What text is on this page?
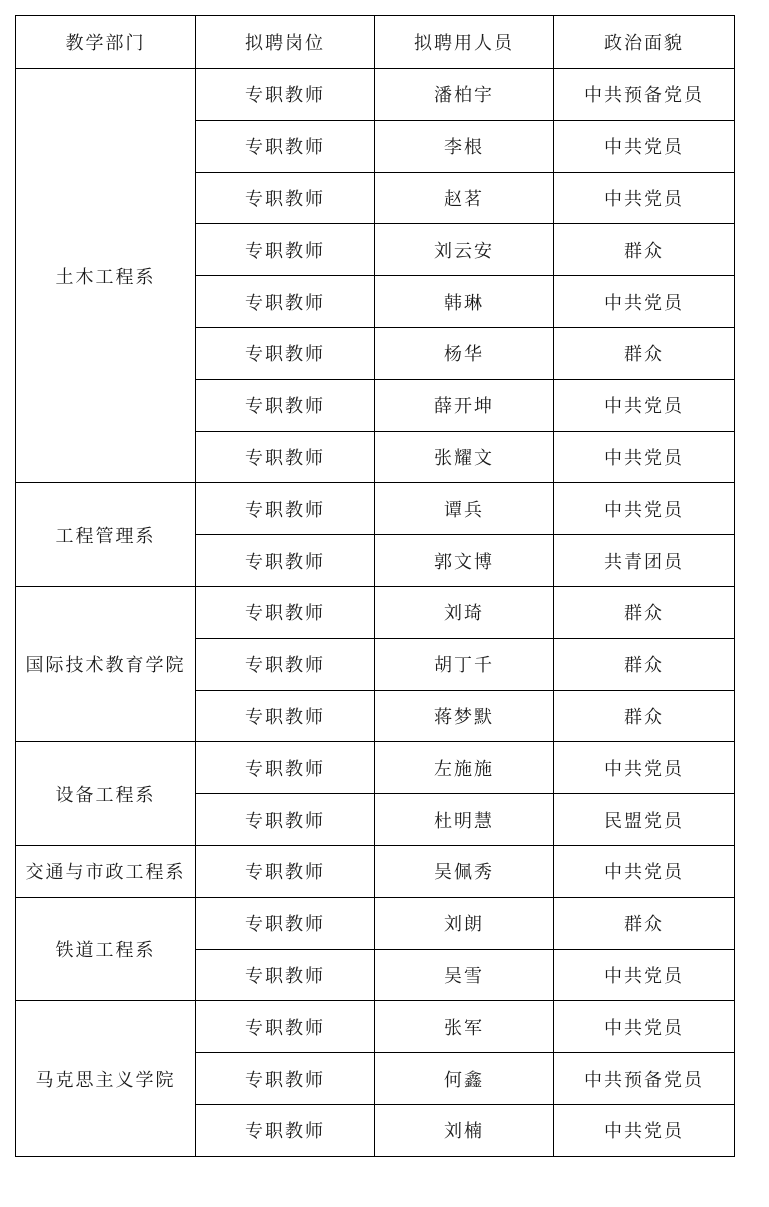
教学部门	拟聘岗位	拟聘用人员	政治面貌
土木工程系	专职教师	潘柏宇	中共预备党员
	专职教师	李根	中共党员
	专职教师	赵茗	中共党员
	专职教师	刘云安	群众
	专职教师	韩琳	中共党员
	专职教师	杨华	群众
	专职教师	薛开坤	中共党员
	专职教师	张耀文	中共党员
工程管理系	专职教师	谭兵	中共党员
	专职教师	郭文博	共青团员
国际技术教育学院	专职教师	刘琦	群众
	专职教师	胡丁千	群众
	专职教师	蒋梦默	群众
设备工程系	专职教师	左施施	中共党员
	专职教师	杜明慧	民盟党员
交通与市政工程系	专职教师	吴佩秀	中共党员
铁道工程系	专职教师	刘朗	群众
	专职教师	吴雪	中共党员
马克思主义学院	专职教师	张军	中共党员
	专职教师	何鑫	中共预备党员
	专职教师	刘楠	中共党员
